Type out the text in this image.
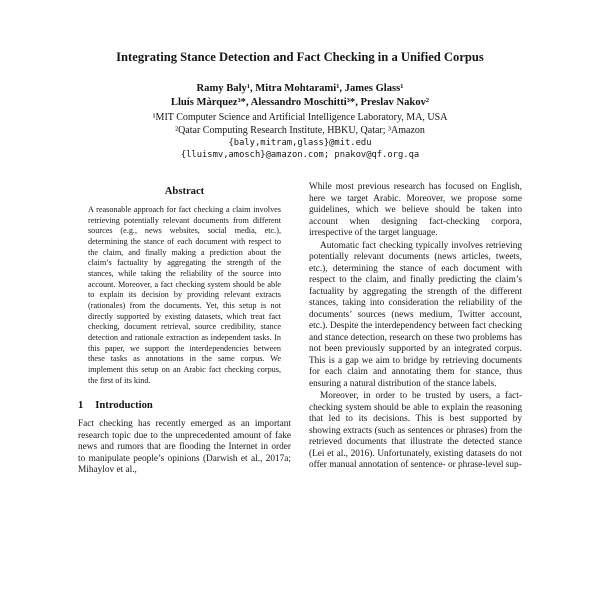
Integrating Stance Detection and Fact Checking in a Unified Corpus
Ramy Baly¹, Mitra Mohtarami¹, James Glass¹
Lluís Màrquez³*, Alessandro Moschitti³*, Preslav Nakov²
¹MIT Computer Science and Artificial Intelligence Laboratory, MA, USA
²Qatar Computing Research Institute, HBKU, Qatar; ³Amazon
{baly,mitram,glass}@mit.edu
{lluismv,amosch}@amazon.com; pnakov@qf.org.qa
Abstract

A reasonable approach for fact checking a claim involves retrieving potentially relevant documents from different sources (e.g., news websites, social media, etc.), determining the stance of each document with respect to the claim, and finally making a prediction about the claim’s factuality by aggregating the strength of the stances, while taking the reliability of the source into account. Moreover, a fact checking system should be able to explain its decision by providing relevant extracts (rationales) from the documents. Yet, this setup is not directly supported by existing datasets, which treat fact checking, document retrieval, source credibility, stance detection and rationale extraction as independent tasks. In this paper, we support the interdependencies between these tasks as annotations in the same corpus. We implement this setup on an Arabic fact checking corpus, the first of its kind.

1 Introduction

Fact checking has recently emerged as an important research topic due to the unprecedented amount of fake news and rumors that are flooding the Internet in order to manipulate people’s opinions (Darwish et al., 2017a; Mihaylov et al.,

While most previous research has focused on English, here we target Arabic. Moreover, we propose some guidelines, which we believe should be taken into account when designing fact-checking corpora, irrespective of the target language.

Automatic fact checking typically involves retrieving potentially relevant documents (news articles, tweets, etc.), determining the stance of each document with respect to the claim, and finally predicting the claim’s factuality by aggregating the strength of the different stances, taking into consideration the reliability of the documents’ sources (news medium, Twitter account, etc.). Despite the interdependency between fact checking and stance detection, research on these two problems has not been previously supported by an integrated corpus. This is a gap we aim to bridge by retrieving documents for each claim and annotating them for stance, thus ensuring a natural distribution of the stance labels.

Moreover, in order to be trusted by users, a fact-checking system should be able to explain the reasoning that led to its decisions. This is best supported by showing extracts (such as sentences or phrases) from the retrieved documents that illustrate the detected stance (Lei et al., 2016). Unfortunately, existing datasets do not offer manual annotation of sentence- or phrase-level sup-
